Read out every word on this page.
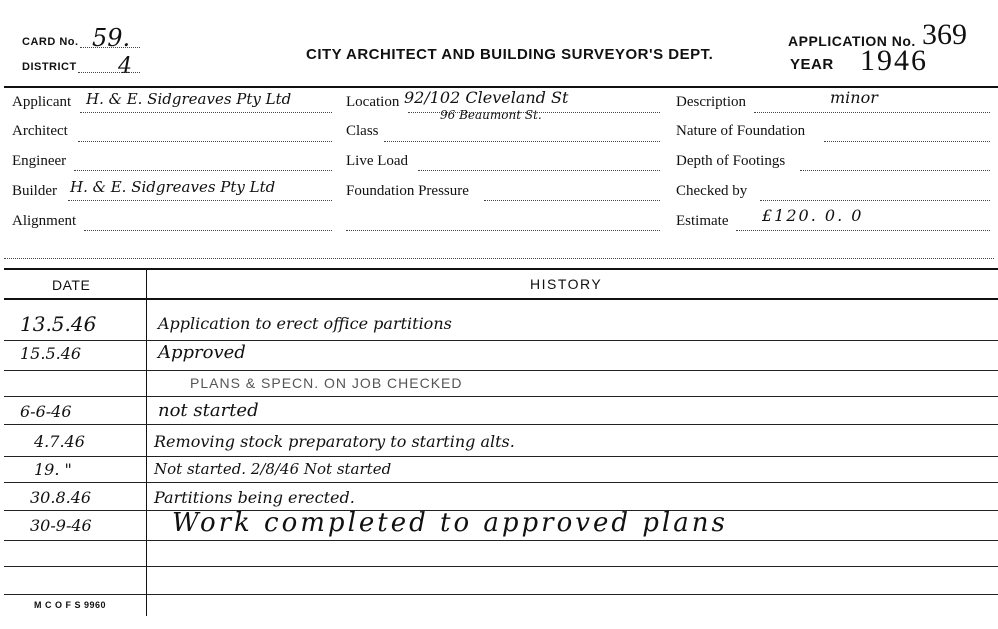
CARD No. 59.
DISTRICT 4	CITY ARCHITECT AND BUILDING SURVEYOR'S DEPT.
APPLICATION No. 369
YEAR 1946
Applicant H. & E. Sidgreaves Pty Ltd
Architect
Engineer
Builder H. & E. Sidgreaves Pty Ltd
Alignment
Location 92/102 Cleveland St
96 Beaumont St.
Class
Live Load
Foundation Pressure
Description	minor
Nature of Foundation
Depth of Footings
Checked by
Estimate £120. 0. 0
DATE	HISTORY
13.5.46	Application to erect office partitions
15.5.46	Approved
PLANS & SPECN. ON JOB CHECKED
6-6-46	not started
4.7.46	Removing stock preparatory to starting alts.
19. "	Not started. 2/8/46 Not started
30.8.46	Partitions being erected.
30-9-46	Work completed to approved plans
M C O F S 9960
